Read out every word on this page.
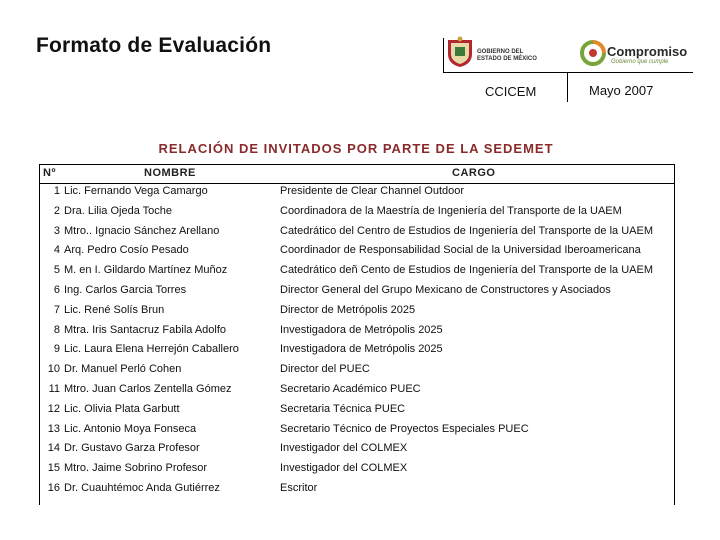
Formato de Evaluación	GOBIERNO DEL
ESTADO DE MÉXICO	Compromiso
Gobierno que cumple
CCICEM	Mayo 2007
RELACIÓN DE INVITADOS POR PARTE DE LA SEDEMET
Nº	NOMBRE	CARGO
1 Lic. Fernando Vega Camargo	Presidente de Clear Channel Outdoor
2 Dra. Lilia Ojeda Toche	Coordinadora de la Maestría de Ingeniería del Transporte de la UAEM
3 Mtro.. Ignacio Sánchez Arellano	Catedrático del Centro de Estudios de Ingeniería del Transporte de la UAEM
4 Arq. Pedro Cosío Pesado	Coordinador de Responsabilidad Social de la Universidad Iberoamericana
5 M. en I. Gildardo Martínez Muñoz	Catedrático deñ Cento de Estudios de Ingeniería del Transporte de la UAEM
6 Ing. Carlos Garcia Torres	Director General del Grupo Mexicano de Constructores y Asociados
7 Lic. René Solís Brun	Director de Metrópolis 2025
8 Mtra. Iris Santacruz Fabila Adolfo	Investigadora de Metrópolis 2025
9 Lic. Laura Elena Herrejón Caballero	Investigadora de Metrópolis 2025
10 Dr. Manuel Perló Cohen	Director del PUEC
11 Mtro. Juan Carlos Zentella Gómez	Secretario Académico PUEC
12 Lic. Olivia Plata Garbutt	Secretaria Técnica PUEC
13 Lic. Antonio Moya Fonseca	Secretario Técnico de Proyectos Especiales PUEC
14 Dr. Gustavo Garza Profesor	Investigador del COLMEX
15 Mtro. Jaime Sobrino Profesor	Investigador del COLMEX
16 Dr. Cuauhtémoc Anda Gutiérrez	Escritor
